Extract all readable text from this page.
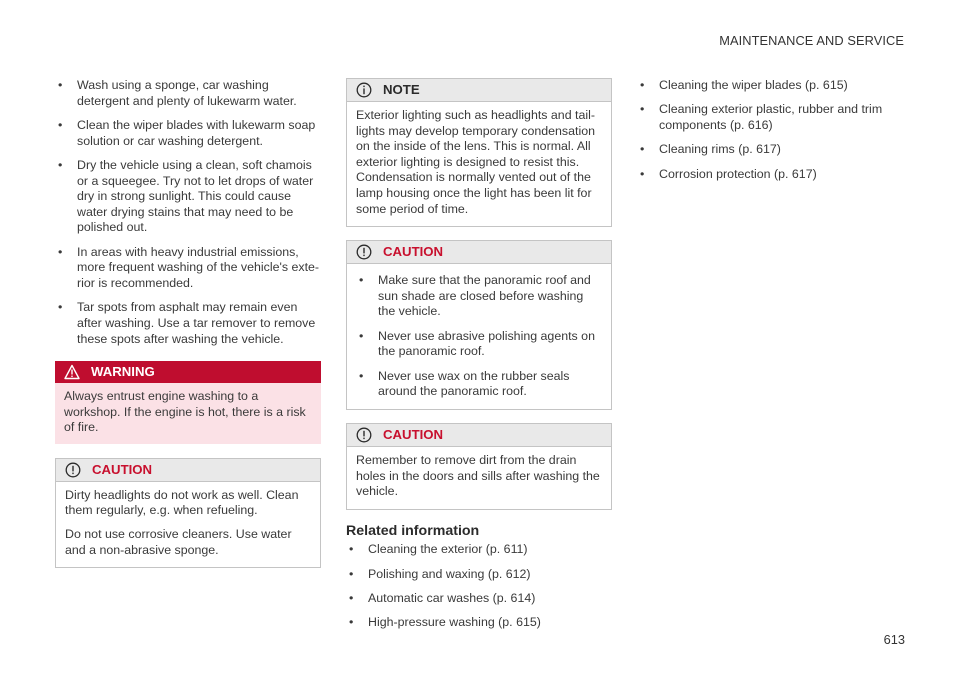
MAINTENANCE AND SERVICE
• Wash using a sponge, car washing detergent and plenty of lukewarm water.
• Clean the wiper blades with lukewarm soap solution or car washing detergent.
• Dry the vehicle using a clean, soft chamois or a squeegee. Try not to let drops of water dry in strong sunlight. This could cause water drying stains that may need to be polished out.
• In areas with heavy industrial emissions, more frequent washing of the vehicle's exte-rior is recommended.
• Tar spots from asphalt may remain even after washing. Use a tar remover to remove these spots after washing the vehicle.
WARNING
Always entrust engine washing to a workshop. If the engine is hot, there is a risk of fire.
CAUTION

Dirty headlights do not work as well. Clean them regularly, e.g. when refueling.

Do not use corrosive cleaners. Use water and a non-abrasive sponge.

NOTE
Exterior lighting such as headlights and tail-lights may develop temporary condensation on the inside of the lens. This is normal. All exterior lighting is designed to resist this. Condensation is normally vented out of the lamp housing once the light has been lit for some period of time.
CAUTION
• Make sure that the panoramic roof and sun shade are closed before washing the vehicle.
• Never use abrasive polishing agents on the panoramic roof.
• Never use wax on the rubber seals around the panoramic roof.
CAUTION
Remember to remove dirt from the drain holes in the doors and sills after washing the vehicle.
Related information
• Cleaning the exterior (p. 611)
• Polishing and waxing (p. 612)
• Automatic car washes (p. 614)
• High-pressure washing (p. 615)
• Cleaning the wiper blades (p. 615)
• Cleaning exterior plastic, rubber and trim components (p. 616)
• Cleaning rims (p. 617)
• Corrosion protection (p. 617)
613
